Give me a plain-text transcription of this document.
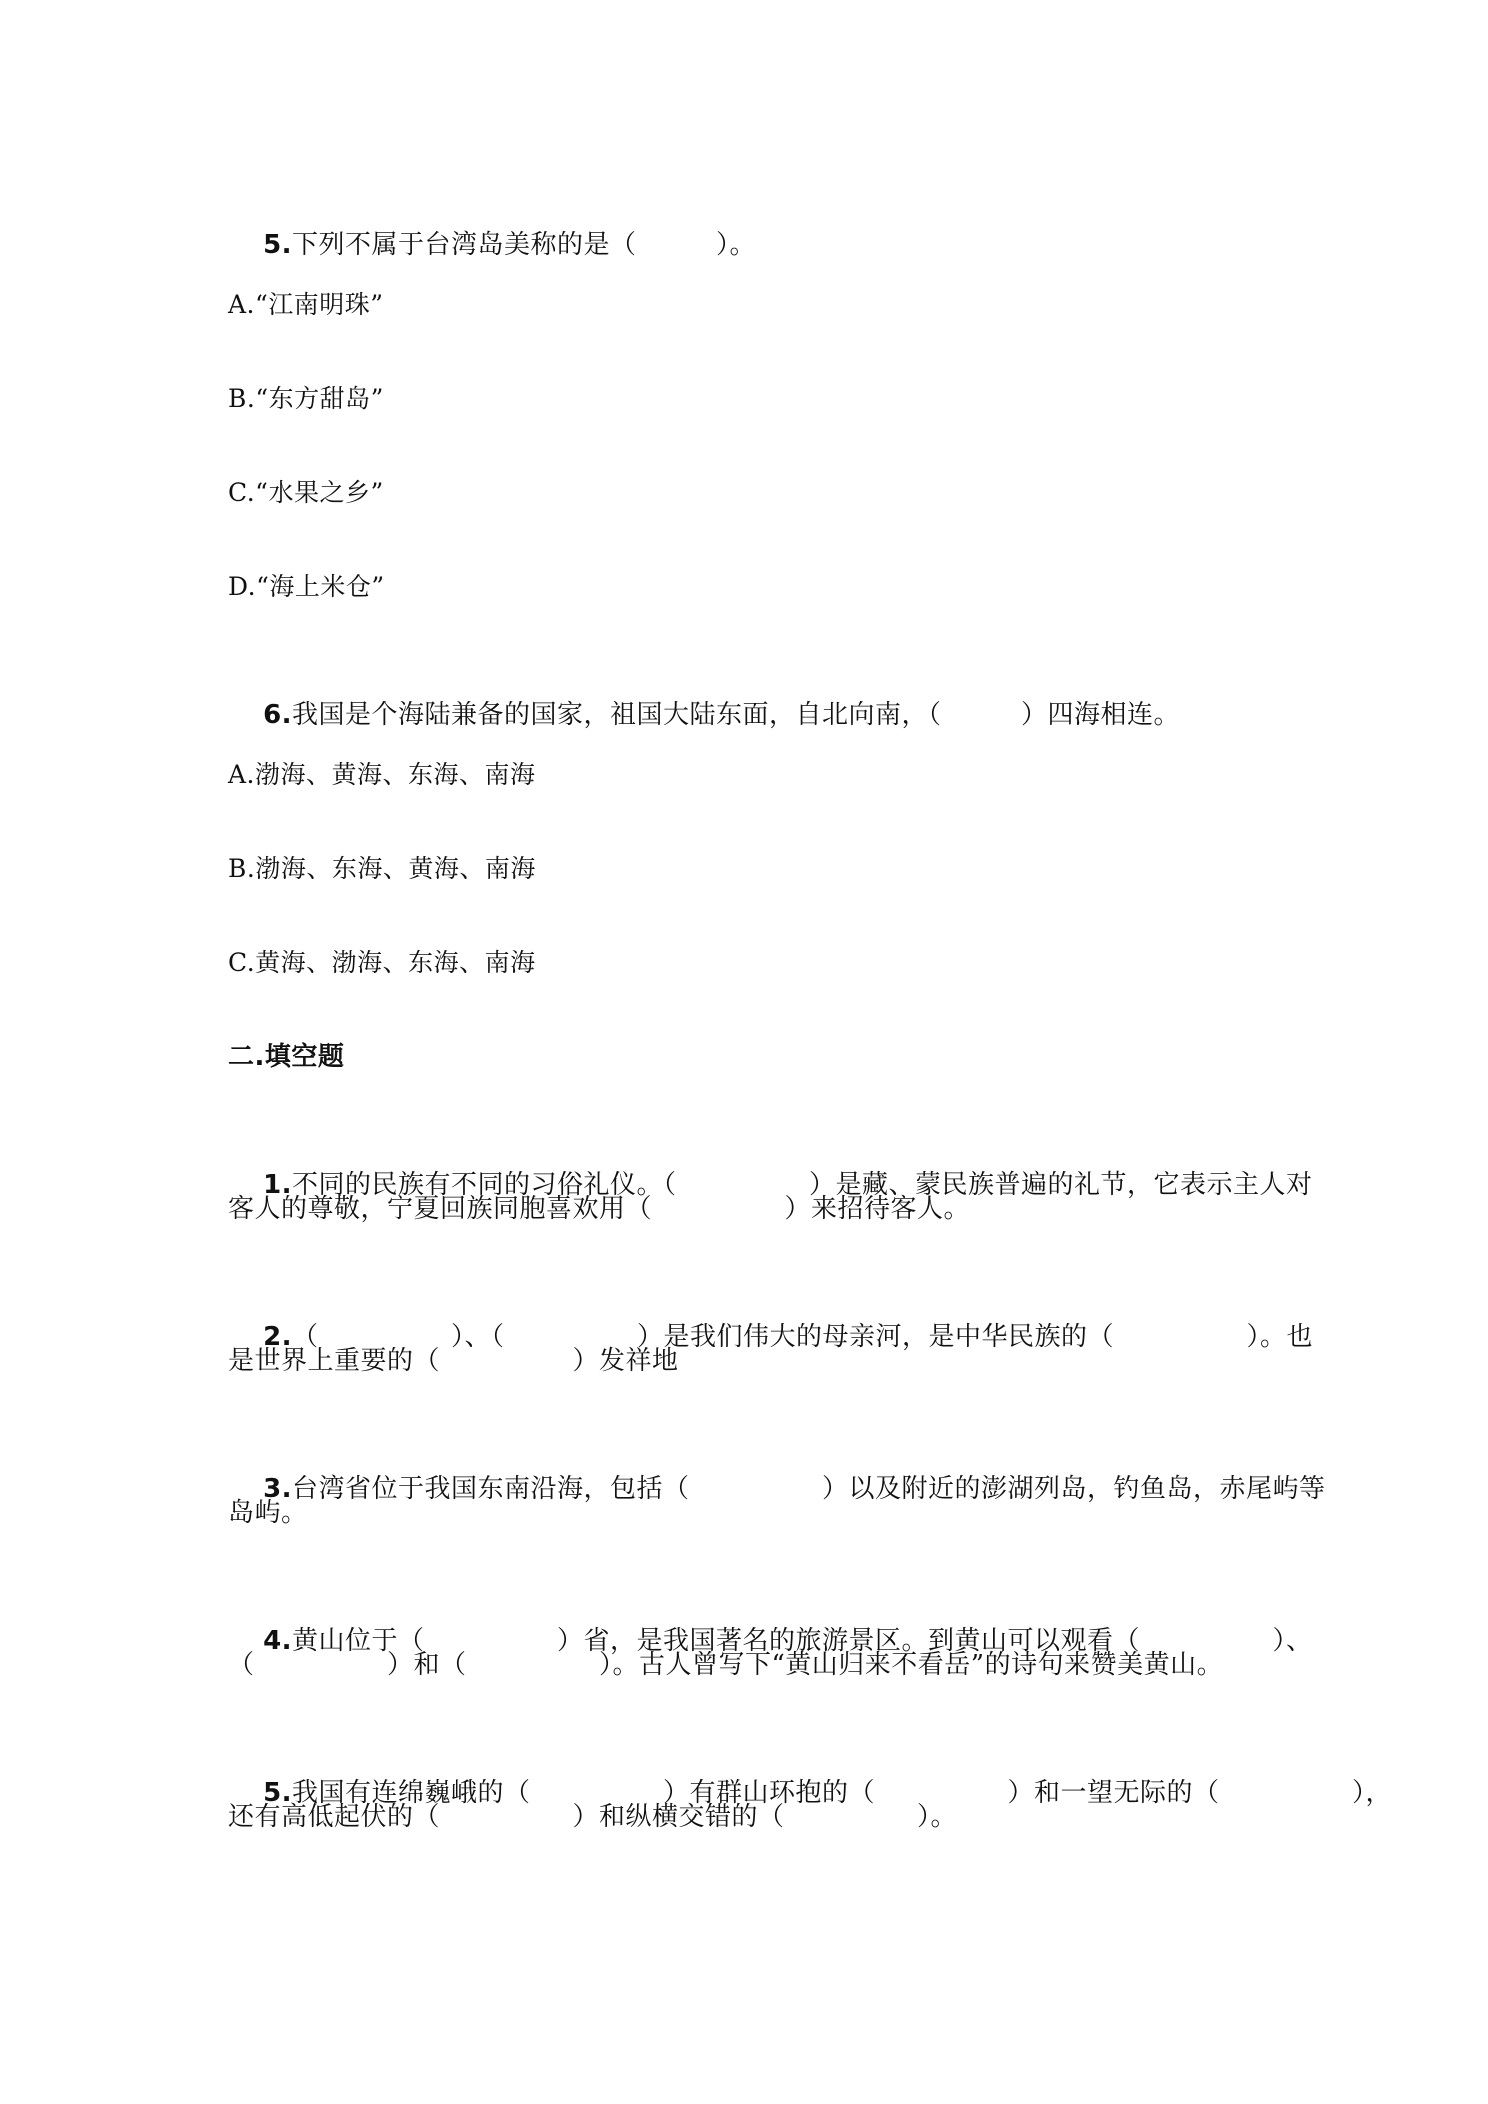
5.下列不属于台湾岛美称的是（　　　）。

A.“江南明珠”
B.“东方甜岛”
C.“水果之乡”
D.“海上米仓”

6.我国是个海陆兼备的国家，祖国大陆东面，自北向南，（　　　）四海相连。

A.渤海、黄海、东海、南海
B.渤海、东海、黄海、南海
C.黄海、渤海、东海、南海
二.填空题

1.不同的民族有不同的习俗礼仪。（　　　　　）是藏、蒙民族普遍的礼节，它表示主人对

客人的尊敬，宁夏回族同胞喜欢用（　　　　　）来招待客人。

2.（　　　　　）、（　　　　　）是我们伟大的母亲河，是中华民族的（　　　　　）。也

是世界上重要的（　　　　　）发祥地

3.台湾省位于我国东南沿海，包括（　　　　　）以及附近的澎湖列岛，钓鱼岛，赤尾屿等

岛屿。

4.黄山位于（　　　　　）省，是我国著名的旅游景区。到黄山可以观看（　　　　　）、

（　　　　　）和（　　　　　）。古人曾写下“黄山归来不看岳”的诗句来赞美黄山。

5.我国有连绵巍峨的（　　　　　）有群山环抱的（　　　　　）和一望无际的（　　　　　），

还有高低起伏的（　　　　　）和纵横交错的（　　　　　）。
